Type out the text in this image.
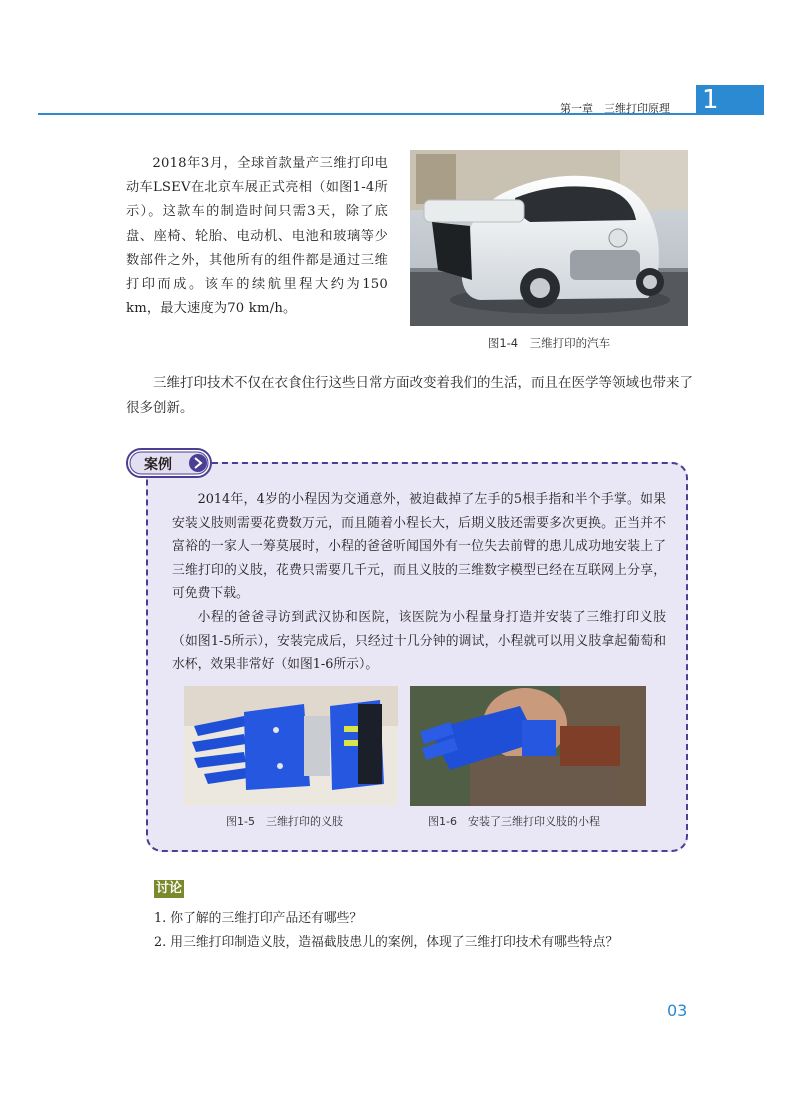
第一章　三维打印原理 1

2018年3月，全球首款量产三维打印电动车LSEV在北京车展正式亮相（如图1-4所示）。这款车的制造时间只需3天，除了底盘、座椅、轮胎、电动机、电池和玻璃等少数部件之外，其他所有的组件都是通过三维打印而成。该车的续航里程大约为150 km，最大速度为70 km/h。

图1-4　三维打印的汽车

三维打印技术不仅在衣食住行这些日常方面改变着我们的生活，而且在医学等领域也带来了很多创新。

案例

2014年，4岁的小程因为交通意外，被迫截掉了左手的5根手指和半个手掌。如果安装义肢则需要花费数万元，而且随着小程长大，后期义肢还需要多次更换。正当并不富裕的一家人一筹莫展时，小程的爸爸听闻国外有一位失去前臂的患儿成功地安装上了三维打印的义肢，花费只需要几千元，而且义肢的三维数字模型已经在互联网上分享，可免费下载。

小程的爸爸寻访到武汉协和医院，该医院为小程量身打造并安装了三维打印义肢（如图1-5所示），安装完成后，只经过十几分钟的调试，小程就可以用义肢拿起葡萄和水杯，效果非常好（如图1-6所示）。

图1-5　三维打印的义肢	图1-6　安装了三维打印义肢的小程
讨论
1. 你了解的三维打印产品还有哪些？
2. 用三维打印制造义肢，造福截肢患儿的案例，体现了三维打印技术有哪些特点？
03
